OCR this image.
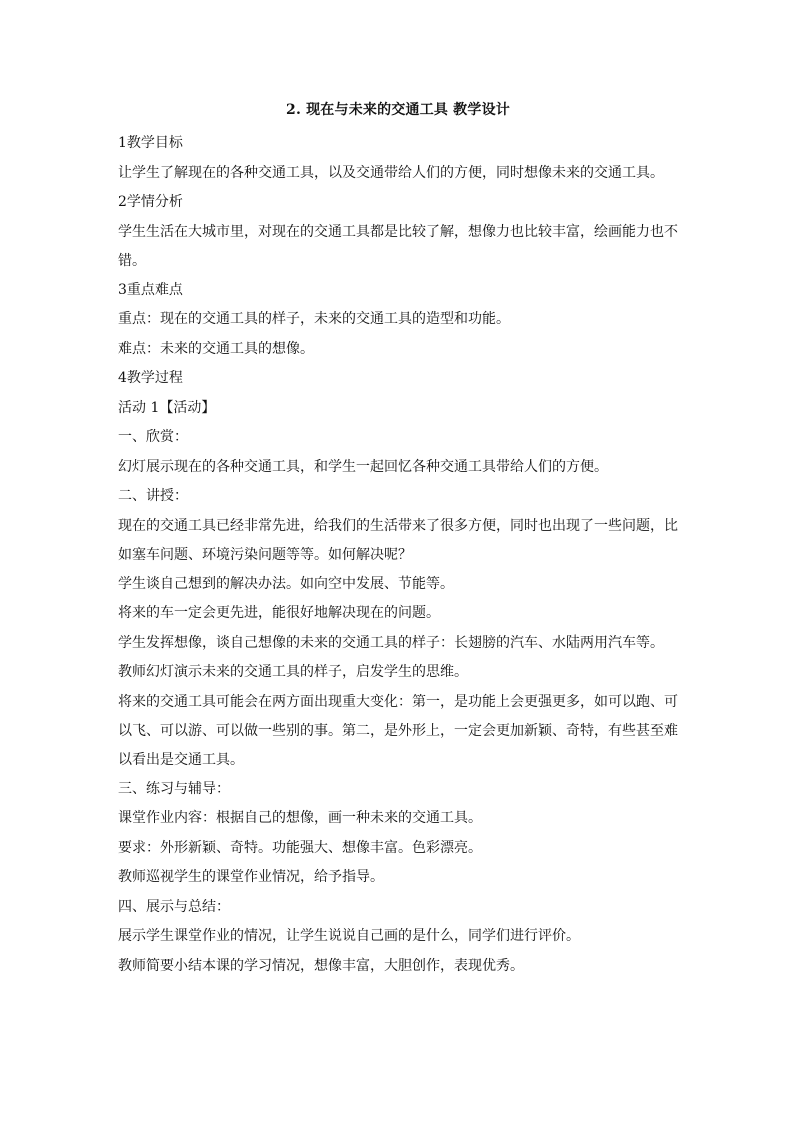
2. 现在与未来的交通工具 教学设计

1教学目标

让学生了解现在的各种交通工具，以及交通带给人们的方便，同时想像未来的交通工具。

2学情分析

学生生活在大城市里，对现在的交通工具都是比较了解，想像力也比较丰富，绘画能力也不错。

3重点难点

重点：现在的交通工具的样子，未来的交通工具的造型和功能。

难点：未来的交通工具的想像。

4教学过程

活动 1【活动】

一、欣赏：

幻灯展示现在的各种交通工具，和学生一起回忆各种交通工具带给人们的方便。

二、讲授：

现在的交通工具已经非常先进，给我们的生活带来了很多方便，同时也出现了一些问题，比如塞车问题、环境污染问题等等。如何解决呢？

学生谈自己想到的解决办法。如向空中发展、节能等。

将来的车一定会更先进，能很好地解决现在的问题。

学生发挥想像，谈自己想像的未来的交通工具的样子：长翅膀的汽车、水陆两用汽车等。

教师幻灯演示未来的交通工具的样子，启发学生的思维。

将来的交通工具可能会在两方面出现重大变化：第一，是功能上会更强更多，如可以跑、可以飞、可以游、可以做一些别的事。第二，是外形上，一定会更加新颖、奇特，有些甚至难以看出是交通工具。

三、练习与辅导：

课堂作业内容：根据自己的想像，画一种未来的交通工具。

要求：外形新颖、奇特。功能强大、想像丰富。色彩漂亮。

教师巡视学生的课堂作业情况，给予指导。

四、展示与总结：

展示学生课堂作业的情况，让学生说说自己画的是什么，同学们进行评价。

教师简要小结本课的学习情况，想像丰富，大胆创作，表现优秀。
